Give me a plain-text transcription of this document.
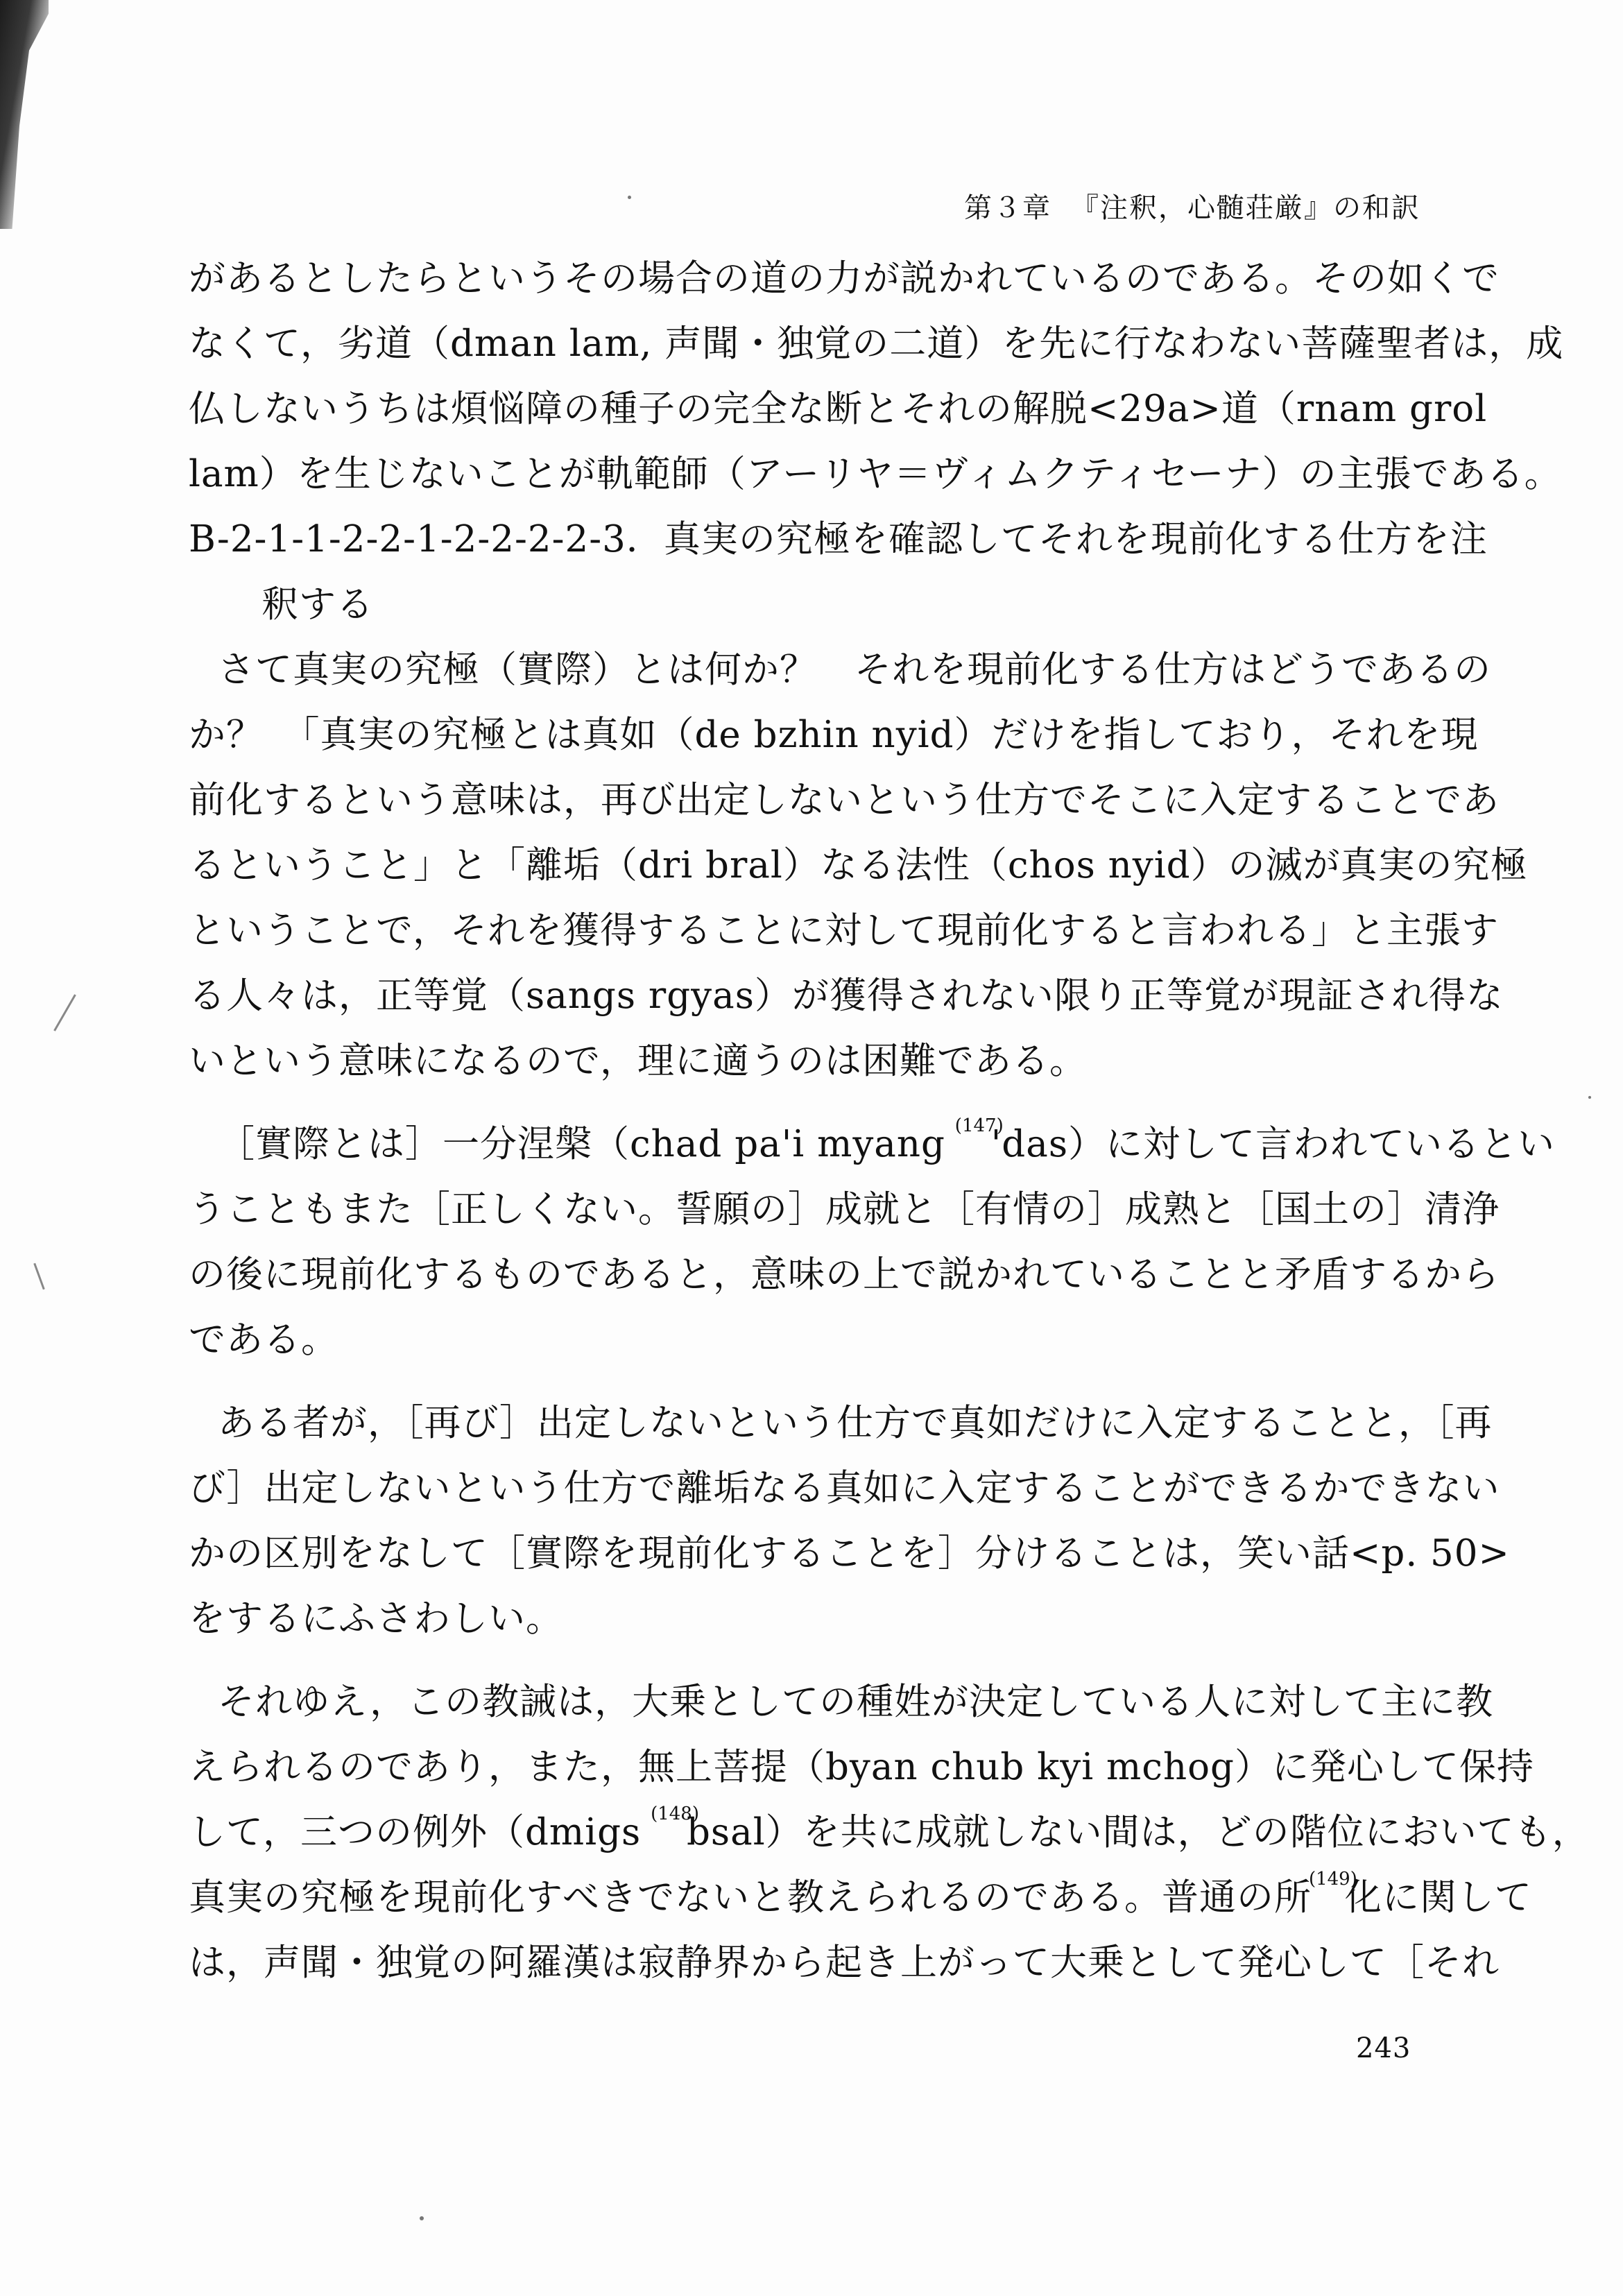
第３章 『注釈，心髄荘厳』の和訳
があるとしたらというその場合の道の力が説かれているのである。その如くで
なくて，劣道（dman lam, 声聞・独覚の二道）を先に行なわない菩薩聖者は，成
仏しないうちは煩悩障の種子の完全な断とそれの解脱<29a>道（rnam grol
lam）を生じないことが軌範師（アーリヤ＝ヴィムクティセーナ）の主張である。
B-2-1-1-2-2-1-2-2-2-2-3．真実の究極を確認してそれを現前化する仕方を注
釈する
さて真実の究極（實際）とは何か？　それを現前化する仕方はどうであるの
か？　「真実の究極とは真如（de bzhin nyid）だけを指しており，それを現
前化するという意味は，再び出定しないという仕方でそこに入定することであ
るということ」と「離垢（dri bral）なる法性（chos nyid）の滅が真実の究極
ということで，それを獲得することに対して現前化すると言われる」と主張す
る人々は，正等覚（sangs rgyas）が獲得されない限り正等覚が現証され得な
いという意味になるので，理に適うのは困難である。
［實際とは］一分涅槃（chad pa'i myang (147)'das）に対して言われているとい
うこともまた［正しくない。誓願の］成就と［有情の］成熟と［国土の］清浄
の後に現前化するものであると，意味の上で説かれていることと矛盾するから
である。
ある者が，［再び］出定しないという仕方で真如だけに入定することと，［再
び］出定しないという仕方で離垢なる真如に入定することができるかできない
かの区別をなして［實際を現前化することを］分けることは，笑い話<p. 50>
をするにふさわしい。
それゆえ，この教誡は，大乗としての種姓が決定している人に対して主に教
えられるのであり，また，無上菩提（byan chub kyi mchog）に発心して保持
して，三つの例外（dmigs (148)bsal）を共に成就しない間は，どの階位においても，
真実の究極を現前化すべきでないと教えられるのである。普通の所(149)化に関して
は，声聞・独覚の阿羅漢は寂静界から起き上がって大乗として発心して［それ
243
